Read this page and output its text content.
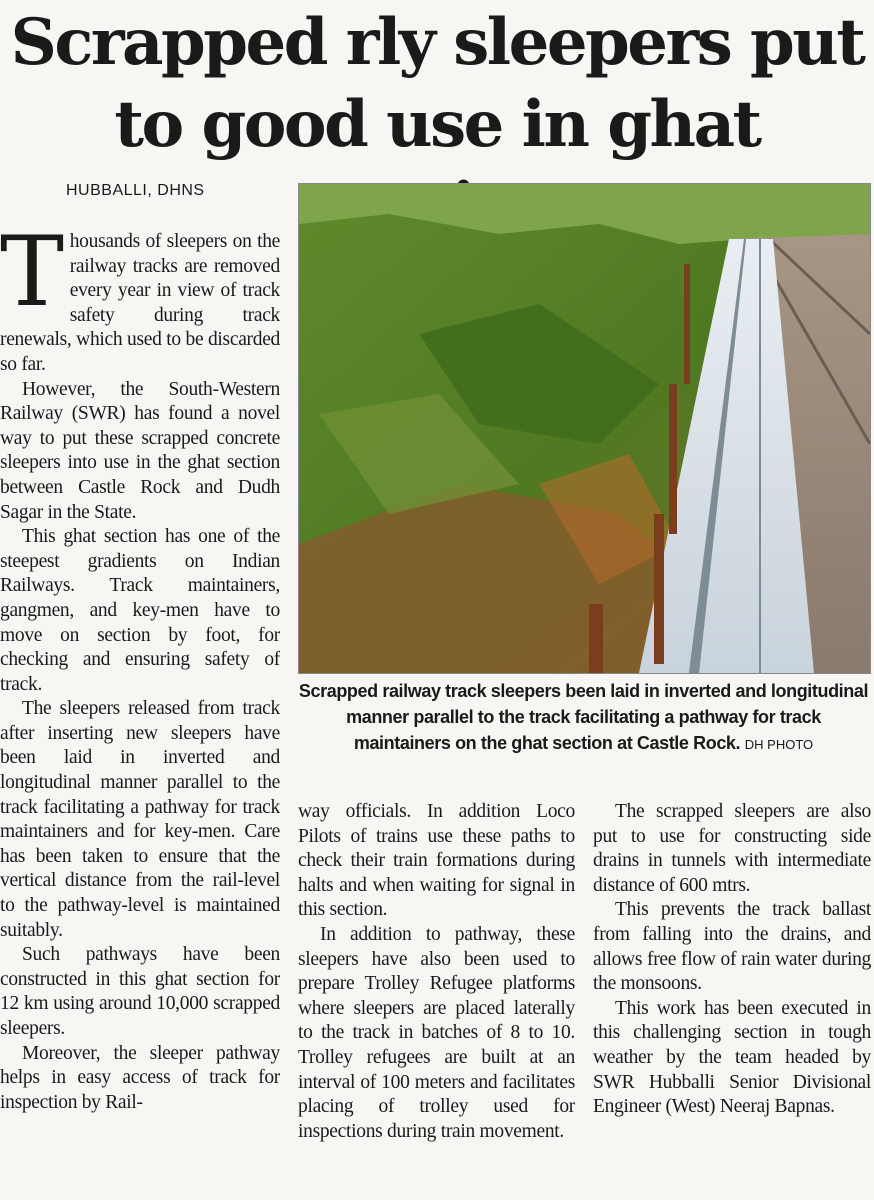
Scrapped rly sleepers put
to good use in ghat
HUBBALLI, DHNS

Thousands of sleepers on the railway tracks are removed every year in view of track safety during track renewals, which used to be discarded so far.

However, the South-Western Railway (SWR) has found a novel way to put these scrapped concrete sleepers into use in the ghat section between Castle Rock and Dudh Sagar in the State.

This ghat section has one of the steepest gradients on Indian Railways. Track maintainers, gangmen, and key-men have to move on section by foot, for checking and ensuring safety of track.

The sleepers released from track after inserting new sleepers have been laid in inverted and longitudinal manner parallel to the track facilitating a pathway for track maintainers and for key-men. Care has been taken to ensure that the vertical distance from the rail-level to the pathway-level is maintained suitably.

Such pathways have been constructed in this ghat section for 12 km using around 10,000 scrapped sleepers.

Moreover, the sleeper pathway helps in easy access of track for inspection by Rail-

Scrapped railway track sleepers been laid in inverted and longitudinal manner parallel to the track facilitating a pathway for track maintainers on the ghat section at Castle Rock. DH PHOTO

way officials. In addition Loco Pilots of trains use these paths to check their train formations during halts and when waiting for signal in this section.

In addition to pathway, these sleepers have also been used to prepare Trolley Refugee platforms where sleepers are placed laterally to the track in batches of 8 to 10. Trolley refugees are built at an interval of 100 meters and facilitates placing of trolley used for inspections during train movement.

The scrapped sleepers are also put to use for constructing side drains in tunnels with intermediate distance of 600 mtrs.

This prevents the track ballast from falling into the drains, and allows free flow of rain water during the monsoons.

This work has been executed in this challenging section in tough weather by the team headed by SWR Hubballi Senior Divisional Engineer (West) Neeraj Bapnas.
